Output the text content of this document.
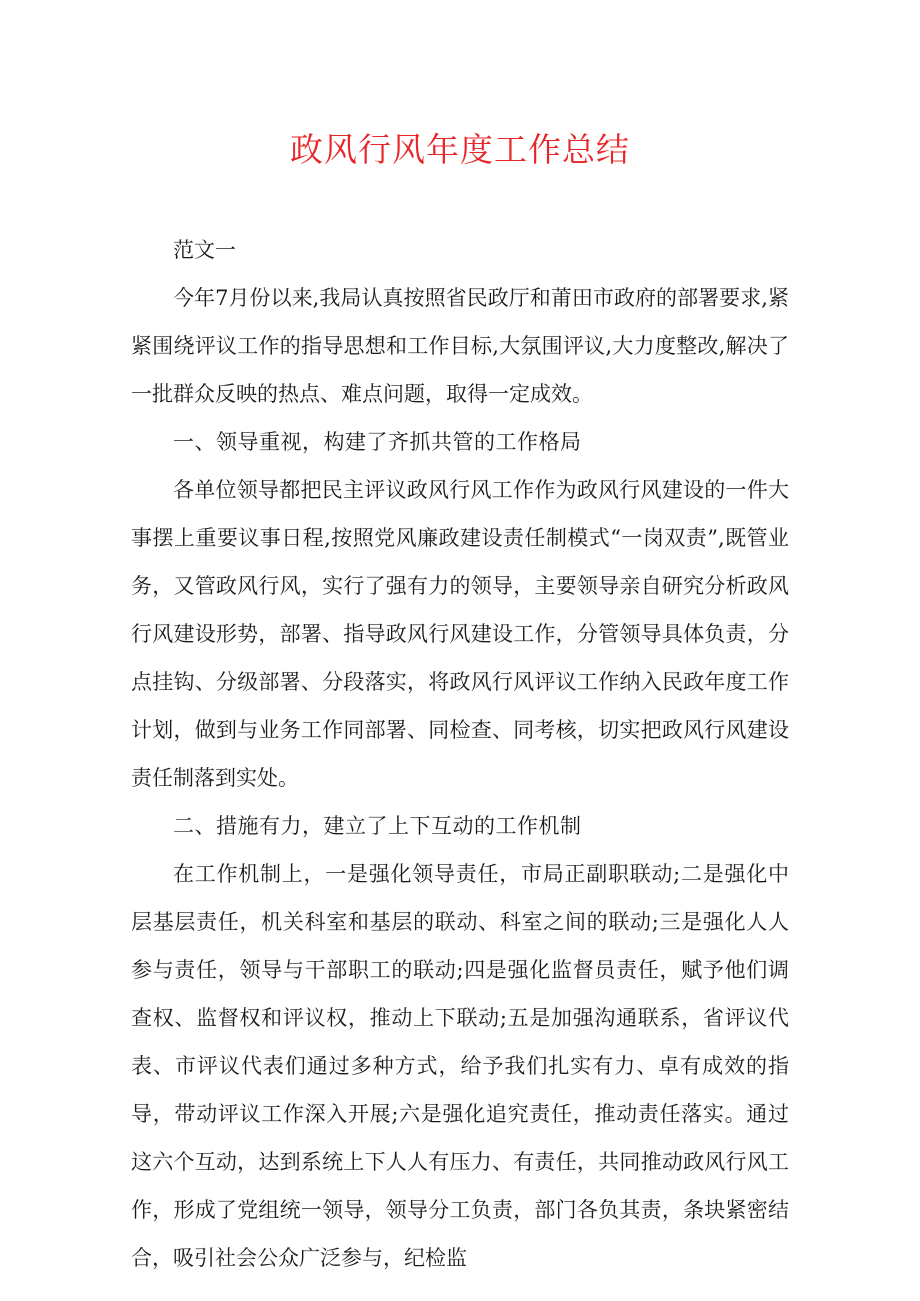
政风行风年度工作总结

范文一

今年7月份以来,我局认真按照省民政厅和莆田市政府的部署要求,紧紧围绕评议工作的指导思想和工作目标,大氛围评议,大力度整改,解决了一批群众反映的热点、难点问题，取得一定成效。

一、领导重视，构建了齐抓共管的工作格局

各单位领导都把民主评议政风行风工作作为政风行风建设的一件大事摆上重要议事日程,按照党风廉政建设责任制模式“一岗双责”,既管业务，又管政风行风，实行了强有力的领导，主要领导亲自研究分析政风行风建设形势，部署、指导政风行风建设工作，分管领导具体负责，分点挂钩、分级部署、分段落实，将政风行风评议工作纳入民政年度工作计划，做到与业务工作同部署、同检查、同考核，切实把政风行风建设责任制落到实处。

二、措施有力，建立了上下互动的工作机制

在工作机制上，一是强化领导责任，市局正副职联动;二是强化中层基层责任，机关科室和基层的联动、科室之间的联动;三是强化人人参与责任，领导与干部职工的联动;四是强化监督员责任，赋予他们调查权、监督权和评议权，推动上下联动;五是加强沟通联系，省评议代表、市评议代表们通过多种方式，给予我们扎实有力、卓有成效的指导，带动评议工作深入开展;六是强化追究责任，推动责任落实。通过这六个互动，达到系统上下人人有压力、有责任，共同推动政风行风工作，形成了党组统一领导，领导分工负责，部门各负其责，条块紧密结合，吸引社会公众广泛参与，纪检监
